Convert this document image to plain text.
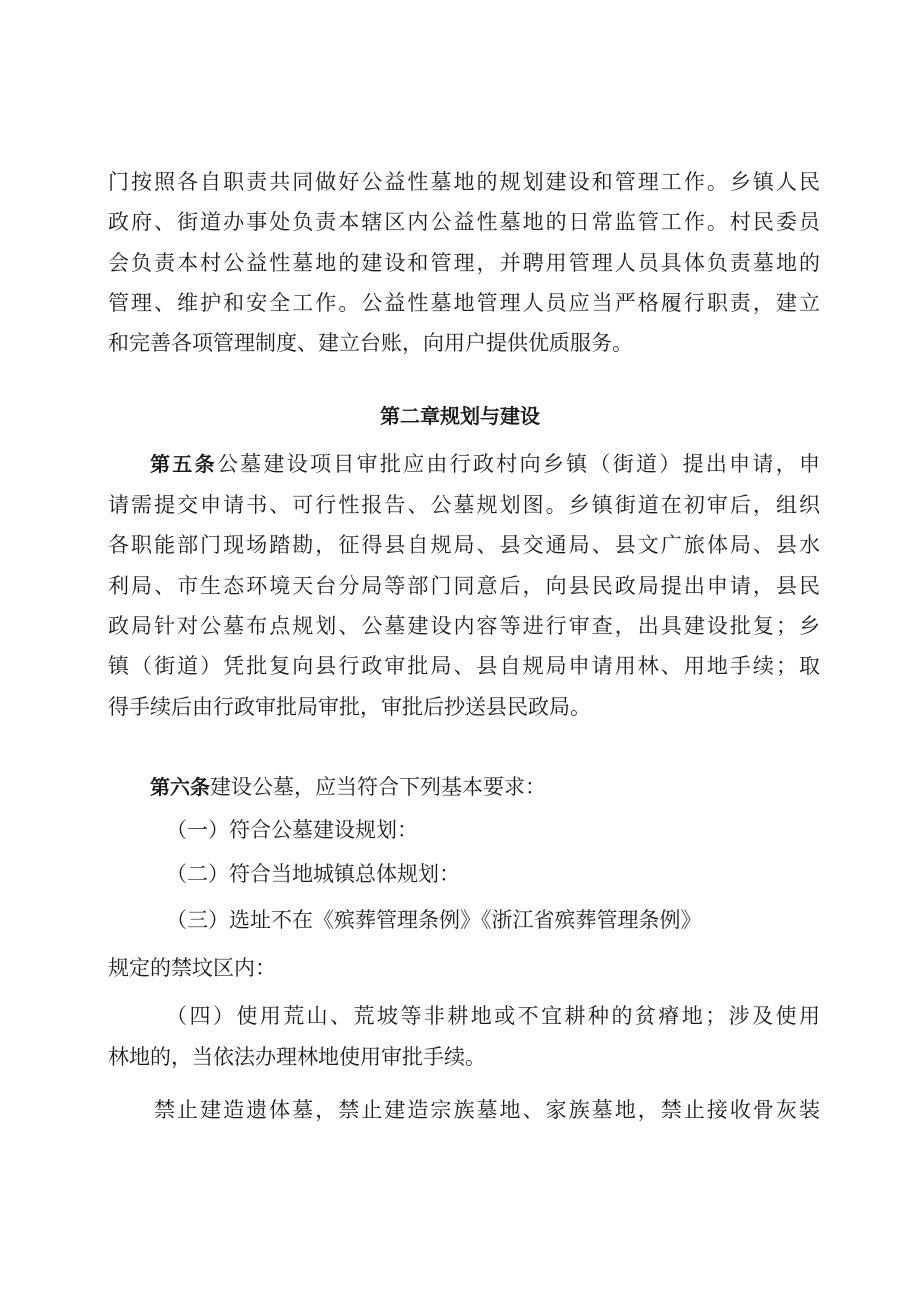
门按照各自职责共同做好公益性墓地的规划建设和管理工作。乡镇人民
政府、街道办事处负责本辖区内公益性墓地的日常监管工作。村民委员
会负责本村公益性墓地的建设和管理，并聘用管理人员具体负责墓地的
管理、维护和安全工作。公益性墓地管理人员应当严格履行职责，建立
和完善各项管理制度、建立台账，向用户提供优质服务。
第五条公墓建设项目审批应由行政村向乡镇（街道）提出申请，申
请需提交申请书、可行性报告、公墓规划图。乡镇街道在初审后，组织
各职能部门现场踏勘，征得县自规局、县交通局、县文广旅体局、县水
利局、市生态环境天台分局等部门同意后，向县民政局提出申请，县民
政局针对公墓布点规划、公墓建设内容等进行审查，出具建设批复；乡
镇（街道）凭批复向县行政审批局、县自规局申请用林、用地手续；取
得手续后由行政审批局审批，审批后抄送县民政局。
第六条建设公墓，应当符合下列基本要求：
（一）符合公墓建设规划：
（二）符合当地城镇总体规划：
（三）选址不在《殡葬管理条例》《浙江省殡葬管理条例》
规定的禁坟区内：
（四）使用荒山、荒坡等非耕地或不宜耕种的贫瘠地；涉及使用
林地的，当依法办理林地使用审批手续。
禁止建造遗体墓，禁止建造宗族墓地、家族墓地，禁止接收骨灰装
第二章规划与建设
